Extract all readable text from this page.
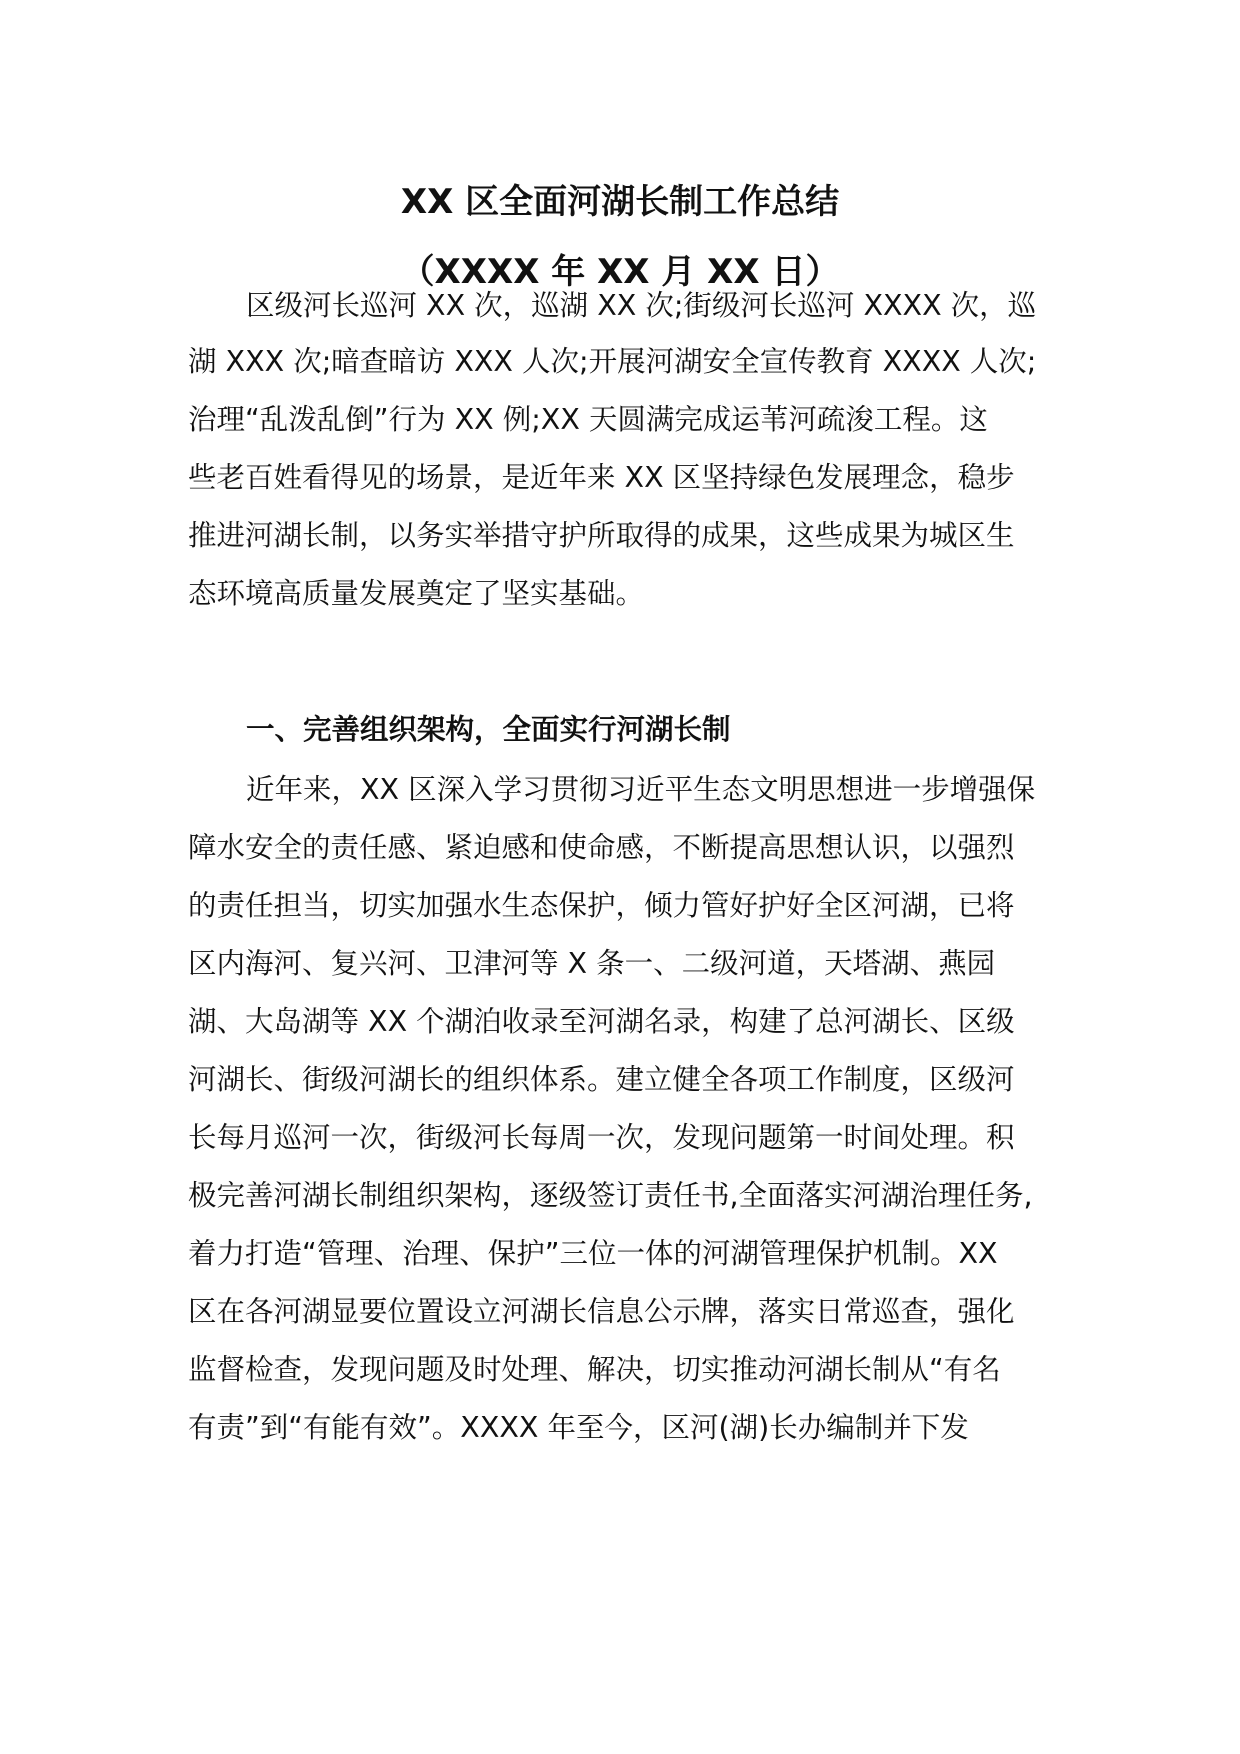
XX 区全面河湖长制工作总结
（XXXX 年 XX 月 XX 日）

区级河长巡河 XX 次，巡湖 XX 次;街级河长巡河 XXXX 次，巡

湖 XXX 次;暗查暗访 XXX 人次;开展河湖安全宣传教育 XXXX 人次;

治理“乱泼乱倒”行为 XX 例;XX 天圆满完成运苇河疏浚工程。这

些老百姓看得见的场景，是近年来 XX 区坚持绿色发展理念，稳步

推进河湖长制，以务实举措守护所取得的成果，这些成果为城区生

态环境高质量发展奠定了坚实基础。

一、完善组织架构，全面实行河湖长制

近年来，XX 区深入学习贯彻习近平生态文明思想进一步增强保

障水安全的责任感、紧迫感和使命感，不断提高思想认识，以强烈

的责任担当，切实加强水生态保护，倾力管好护好全区河湖，已将

区内海河、复兴河、卫津河等 X 条一、二级河道，天塔湖、燕园

湖、大岛湖等 XX 个湖泊收录至河湖名录，构建了总河湖长、区级

河湖长、街级河湖长的组织体系。建立健全各项工作制度，区级河

长每月巡河一次，街级河长每周一次，发现问题第一时间处理。积

极完善河湖长制组织架构，逐级签订责任书,全面落实河湖治理任务,

着力打造“管理、治理、保护”三位一体的河湖管理保护机制。XX

区在各河湖显要位置设立河湖长信息公示牌，落实日常巡查，强化

监督检查，发现问题及时处理、解决，切实推动河湖长制从“有名

有责”到“有能有效”。XXXX 年至今，区河(湖)长办编制并下发
